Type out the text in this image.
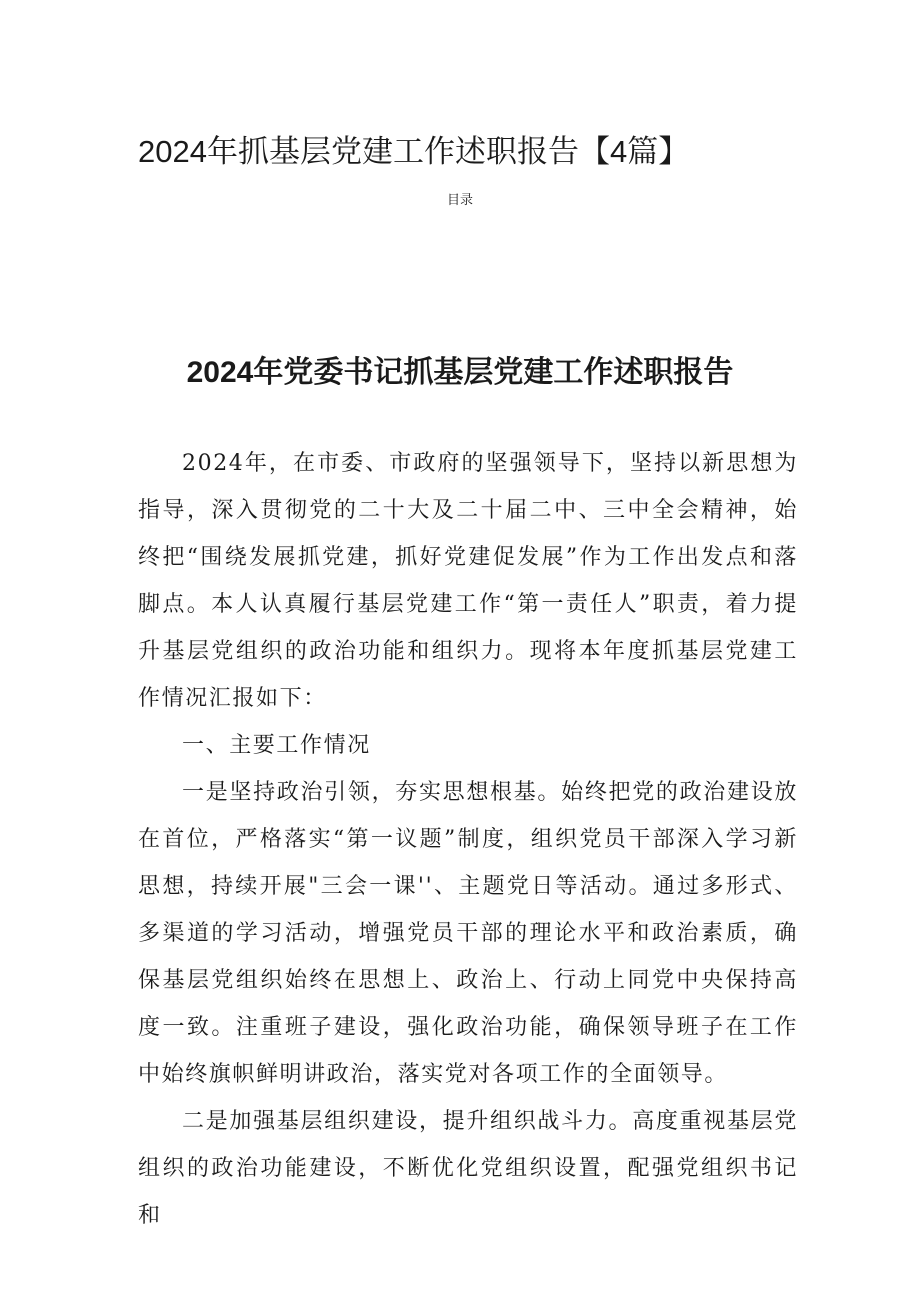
2024年抓基层党建工作述职报告【4篇】
目录
2024年党委书记抓基层党建工作述职报告

2024年，在市委、市政府的坚强领导下，坚持以新思想为指导，深入贯彻党的二十大及二十届二中、三中全会精神，始终把“围绕发展抓党建，抓好党建促发展”作为工作出发点和落脚点。本人认真履行基层党建工作“第一责任人”职责，着力提升基层党组织的政治功能和组织力。现将本年度抓基层党建工作情况汇报如下：

一、主要工作情况

一是坚持政治引领，夯实思想根基。始终把党的政治建设放在首位，严格落实“第一议题”制度，组织党员干部深入学习新思想，持续开展"三会一课''、主题党日等活动。通过多形式、多渠道的学习活动，增强党员干部的理论水平和政治素质，确保基层党组织始终在思想上、政治上、行动上同党中央保持高度一致。注重班子建设，强化政治功能，确保领导班子在工作中始终旗帜鲜明讲政治，落实党对各项工作的全面领导。

二是加强基层组织建设，提升组织战斗力。高度重视基层党组织的政治功能建设，不断优化党组织设置，配强党组织书记和
